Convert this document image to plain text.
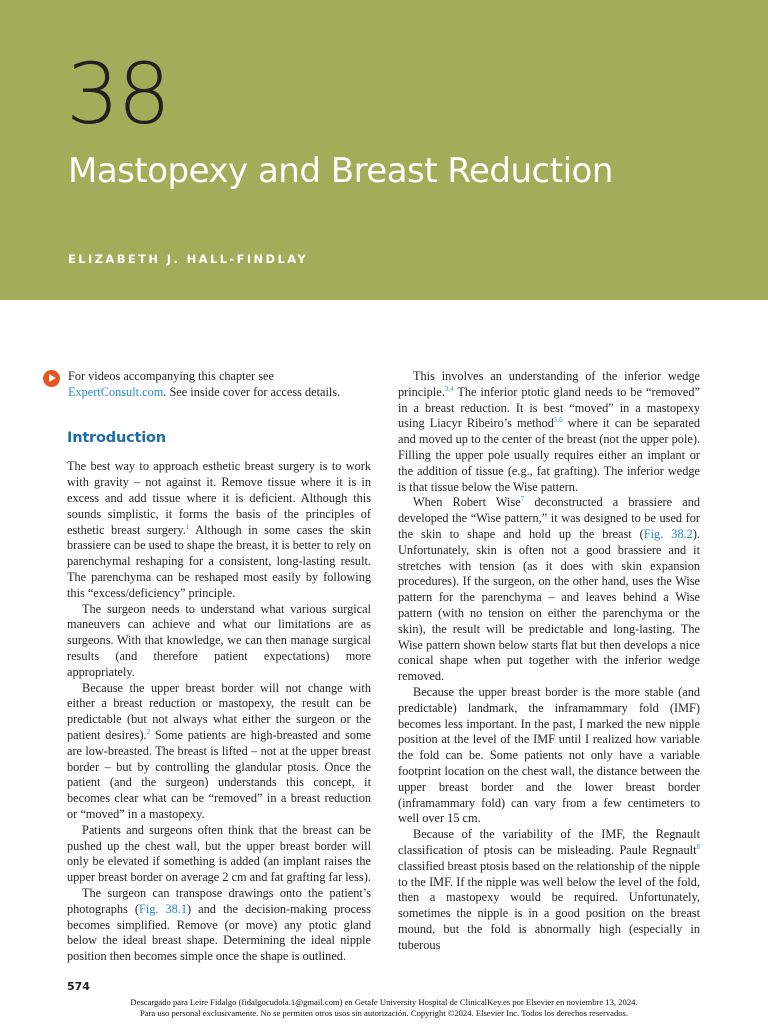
38
Mastopexy and Breast Reduction
ELIZABETH J. HALL-FINDLAY

For videos accompanying this chapter see ExpertConsult.com. See inside cover for access details.

Introduction

The best way to approach esthetic breast surgery is to work with gravity – not against it. Remove tissue where it is in excess and add tissue where it is deficient. Although this sounds simplistic, it forms the basis of the principles of esthetic breast surgery.$^1$ Although in some cases the skin brassiere can be used to shape the breast, it is better to rely on parenchymal reshaping for a consistent, long-lasting result. The parenchyma can be reshaped most easily by following this “excess/deficiency” principle.

The surgeon needs to understand what various surgical maneuvers can achieve and what our limitations are as surgeons. With that knowledge, we can then manage surgical results (and therefore patient expectations) more appropriately.

Because the upper breast border will not change with either a breast reduction or mastopexy, the result can be predictable (but not always what either the surgeon or the patient desires).$^2$ Some patients are high-breasted and some are low-breasted. The breast is lifted – not at the upper breast border – but by controlling the glandular ptosis. Once the patient (and the surgeon) understands this concept, it becomes clear what can be “removed” in a breast reduction or “moved” in a mastopexy.

Patients and surgeons often think that the breast can be pushed up the chest wall, but the upper breast border will only be elevated if something is added (an implant raises the upper breast border on average 2 cm and fat grafting far less).

The surgeon can transpose drawings onto the patient’s photographs (Fig. 38.1) and the decision-making process becomes simplified. Remove (or move) any ptotic gland below the ideal breast shape. Determining the ideal nipple position then becomes simple once the shape is outlined.

This involves an understanding of the inferior wedge principle.$^{3,4}$ The inferior ptotic gland needs to be “removed” in a breast reduction. It is best “moved” in a mastopexy using Liacyr Ribeiro’s method$^{5,6}$ where it can be separated and moved up to the center of the breast (not the upper pole). Filling the upper pole usually requires either an implant or the addition of tissue (e.g., fat grafting). The inferior wedge is that tissue below the Wise pattern.

When Robert Wise$^7$ deconstructed a brassiere and developed the “Wise pattern,” it was designed to be used for the skin to shape and hold up the breast (Fig. 38.2). Unfortunately, skin is often not a good brassiere and it stretches with tension (as it does with skin expansion procedures). If the surgeon, on the other hand, uses the Wise pattern for the parenchyma – and leaves behind a Wise pattern (with no tension on either the parenchyma or the skin), the result will be predictable and long-lasting. The Wise pattern shown below starts flat but then develops a nice conical shape when put together with the inferior wedge removed.

Because the upper breast border is the more stable (and predictable) landmark, the inframammary fold (IMF) becomes less important. In the past, I marked the new nipple position at the level of the IMF until I realized how variable the fold can be. Some patients not only have a variable footprint location on the chest wall, the distance between the upper breast border and the lower breast border (inframammary fold) can vary from a few centimeters to well over 15 cm.

Because of the variability of the IMF, the Regnault classification of ptosis can be misleading. Paule Regnault$^8$ classified breast ptosis based on the relationship of the nipple to the IMF. If the nipple was well below the level of the fold, then a mastopexy would be required. Unfortunately, sometimes the nipple is in a good position on the breast mound, but the fold is abnormally high (especially in tuberous

574
Descargado para Leire Fidalgo (fidalgocudola.1@gmail.com) en Getafe University Hospital de ClinicalKey.es por Elsevier en noviembre 13, 2024.
Para uso personal exclusivamente. No se permiten otros usos sin autorización. Copyright ©2024. Elsevier Inc. Todos los derechos reservados.
